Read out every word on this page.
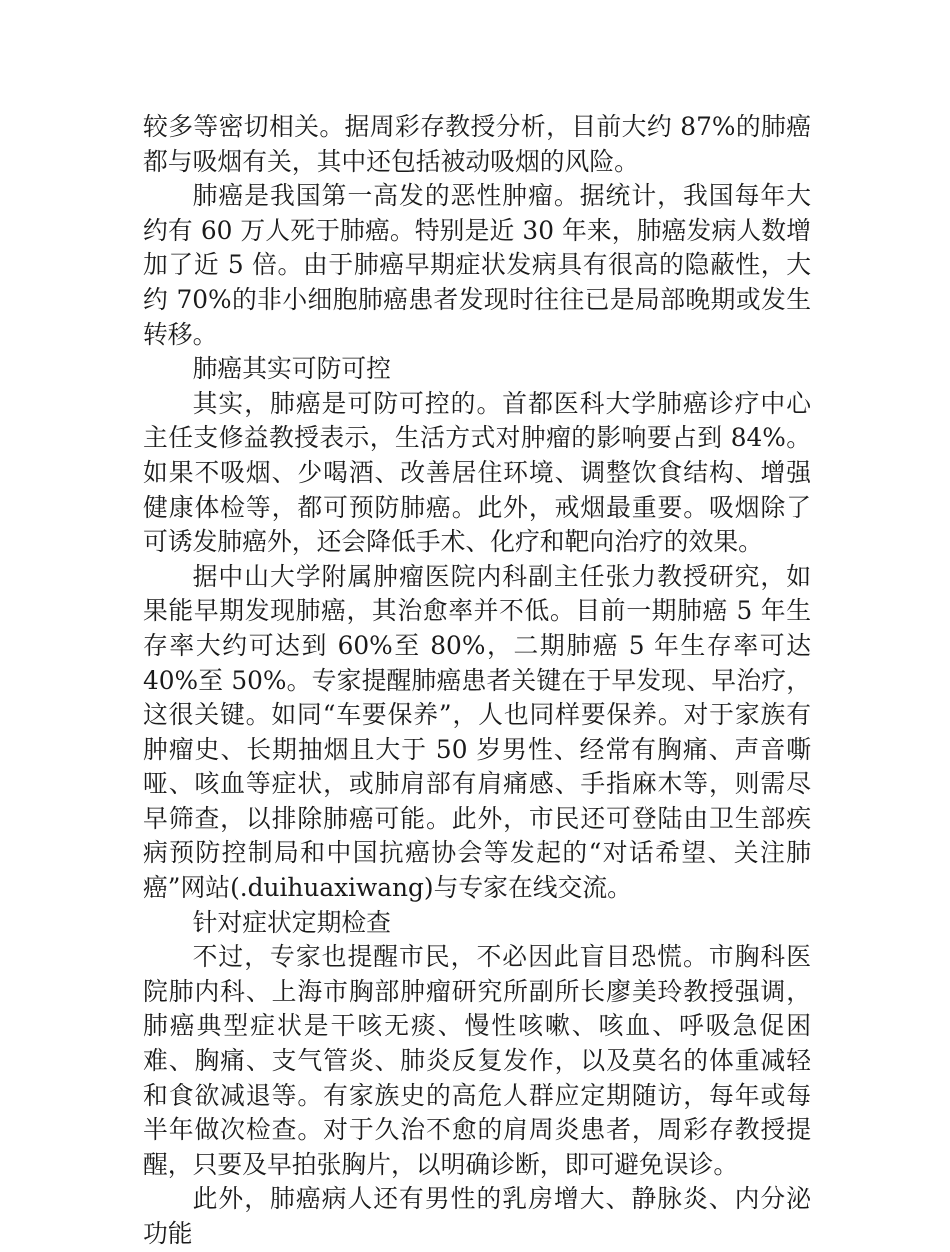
较多等密切相关。据周彩存教授分析，目前大约 87%的肺癌都与吸烟有关，其中还包括被动吸烟的风险。

肺癌是我国第一高发的恶性肿瘤。据统计，我国每年大约有 60 万人死于肺癌。特别是近 30 年来，肺癌发病人数增加了近 5 倍。由于肺癌早期症状发病具有很高的隐蔽性，大约 70%的非小细胞肺癌患者发现时往往已是局部晚期或发生转移。

肺癌其实可防可控

其实，肺癌是可防可控的。首都医科大学肺癌诊疗中心主任支修益教授表示，生活方式对肿瘤的影响要占到 84%。如果不吸烟、少喝酒、改善居住环境、调整饮食结构、增强健康体检等，都可预防肺癌。此外，戒烟最重要。吸烟除了可诱发肺癌外，还会降低手术、化疗和靶向治疗的效果。

据中山大学附属肿瘤医院内科副主任张力教授研究，如果能早期发现肺癌，其治愈率并不低。目前一期肺癌 5 年生存率大约可达到 60%至 80%，二期肺癌 5 年生存率可达 40%至 50%。专家提醒肺癌患者关键在于早发现、早治疗，这很关键。如同“车要保养”，人也同样要保养。对于家族有肿瘤史、长期抽烟且大于 50 岁男性、经常有胸痛、声音嘶哑、咳血等症状，或肺肩部有肩痛感、手指麻木等，则需尽早筛查，以排除肺癌可能。此外，市民还可登陆由卫生部疾病预防控制局和中国抗癌协会等发起的“对话希望、关注肺癌”网站(.duihuaxiwang)与专家在线交流。

针对症状定期检查

不过，专家也提醒市民，不必因此盲目恐慌。市胸科医院肺内科、上海市胸部肿瘤研究所副所长廖美玲教授强调，肺癌典型症状是干咳无痰、慢性咳嗽、咳血、呼吸急促困难、胸痛、支气管炎、肺炎反复发作，以及莫名的体重减轻和食欲减退等。有家族史的高危人群应定期随访，每年或每半年做次检查。对于久治不愈的肩周炎患者，周彩存教授提醒，只要及早拍张胸片，以明确诊断，即可避免误诊。

此外，肺癌病人还有男性的乳房增大、静脉炎、内分泌功能
